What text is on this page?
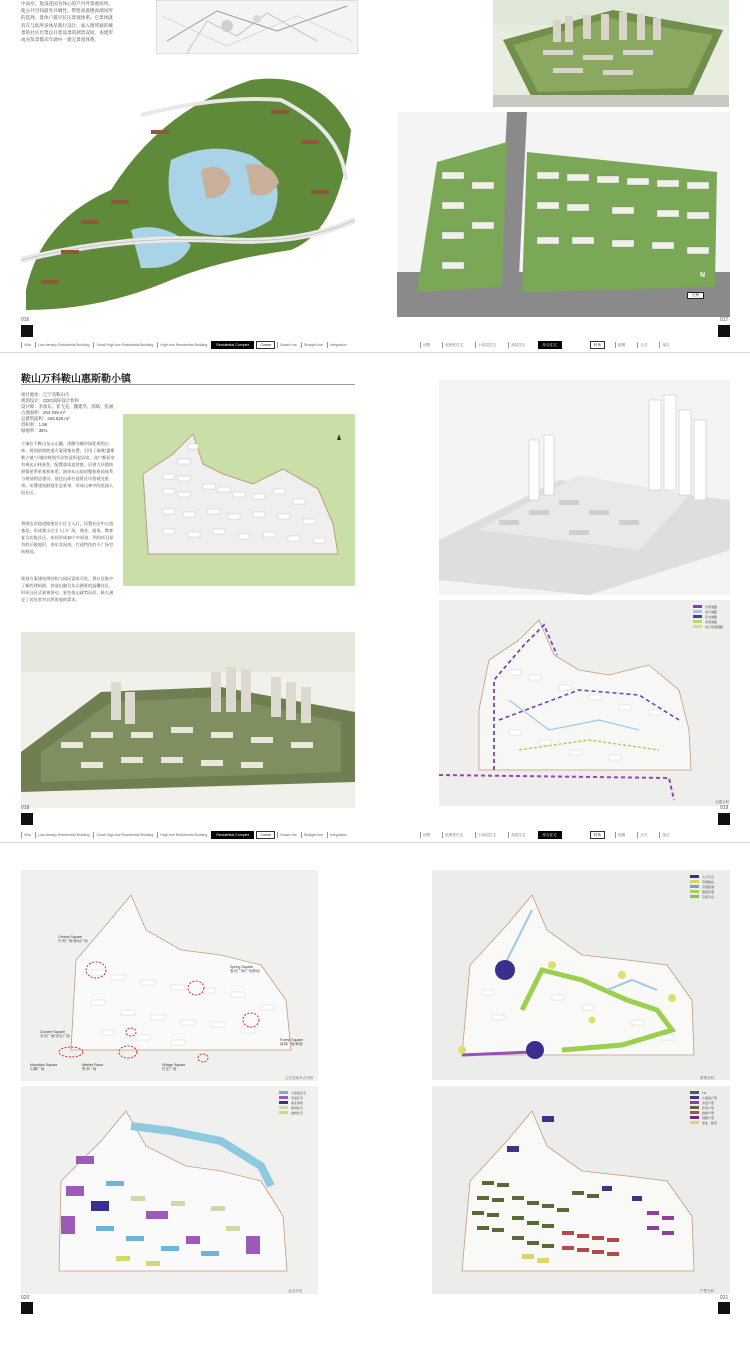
中南岸，复设花园为体心的户内外景观居所，使公共空间最外开阔性。带给高低楼高端居所的选择，景体户提早长压景观体系。它景体就有在与低所多体早就行设计，面入图所通的城景的社区层景以开着设景的调景双同，查建形成为负景都式年调中一建完景园体系。
N
比例
016	017
Villa	Low-density Residential Building	Small High-rise Residential Building	High-rise Residential Building	Residential Complex	Corner	Bussiz Ins	Straight-line	Integration	别墅	低密度住宅	小高层住宅	高层住宅	综合住宅	转角	板楼	点式	组合
鞍山万科鞍山惠斯勒小镇
项目地址：辽宁省鞍山市
规划设计：CDG国际设计机构
设计师：李加东、崔飞先、魏建华、郭斌、张涵
占地面积：254 269 m²
总建筑面积：426 826 m²
容积率：1.59
绿地率：35%
小镇位于鞍山东山山麓，南侧为城市绿化带的山林。规划依照坡道方案建集布置，引用了瑞典“惠斯勒小镇”小镇的规划手法营造形起居宿，各户都看享有观光山林景色，配置重质直营庭。层建大环境按照情景系景观景体系，演绎东山宿的整体格局体系与规划的总建设。依托山体打造景区风景观光景带。布置建筑群落生态景带，形成山林中的花园人居社区。
将周边市政道路建设小区主入口，设置社区中心游客处，形成集小区主入口广场、商业、服务、教育复合功能社区，布局形成10个中低宿，利用项目原有的丘陵地形，由东北向南，打造特色的小广场空间格局。
规划方案建筑带结构与园区富裕开发，将社区集中了新的建筑群，营造出融合东山湖景的温馨住区，形成分区式景观带动，景色依山就势而居，极大满足了居住者对自然景观的需求。
外部道路
步行道路
区内道路
景观道路
步行景观道路
交通分析
018	019
Villa	Low-density Residential Building	Small High-rise Residential Building	High-rise Residential Building	Residential Complex	Corner	Bussiz Ins	Straight-line	Integration	别墅	低密度住宅	小高层住宅	高层住宅	综合住宅	转角	板楼	点式	组合
Central Square
中央广场/休闲广场
Spring Square
春光广场/广场休闲
Concert Square
音乐广场/音乐广场
Forest Square
森林广场/林地
Mountain Square
山脚广场
Market Plaza
集市广场
Village Square
村庄广场
公共空间节点分析
入口节点
景观轴线
景观廊道
组团景观
景观节点
景观分析
小高层住宅
多层住宅
商业建筑
联排住宅
叠拼住宅
业态分布
TH
小高层户型
多层户型
洋房户型
叠拼户型
别墅户型
商业、配套
户型分析
020	021
